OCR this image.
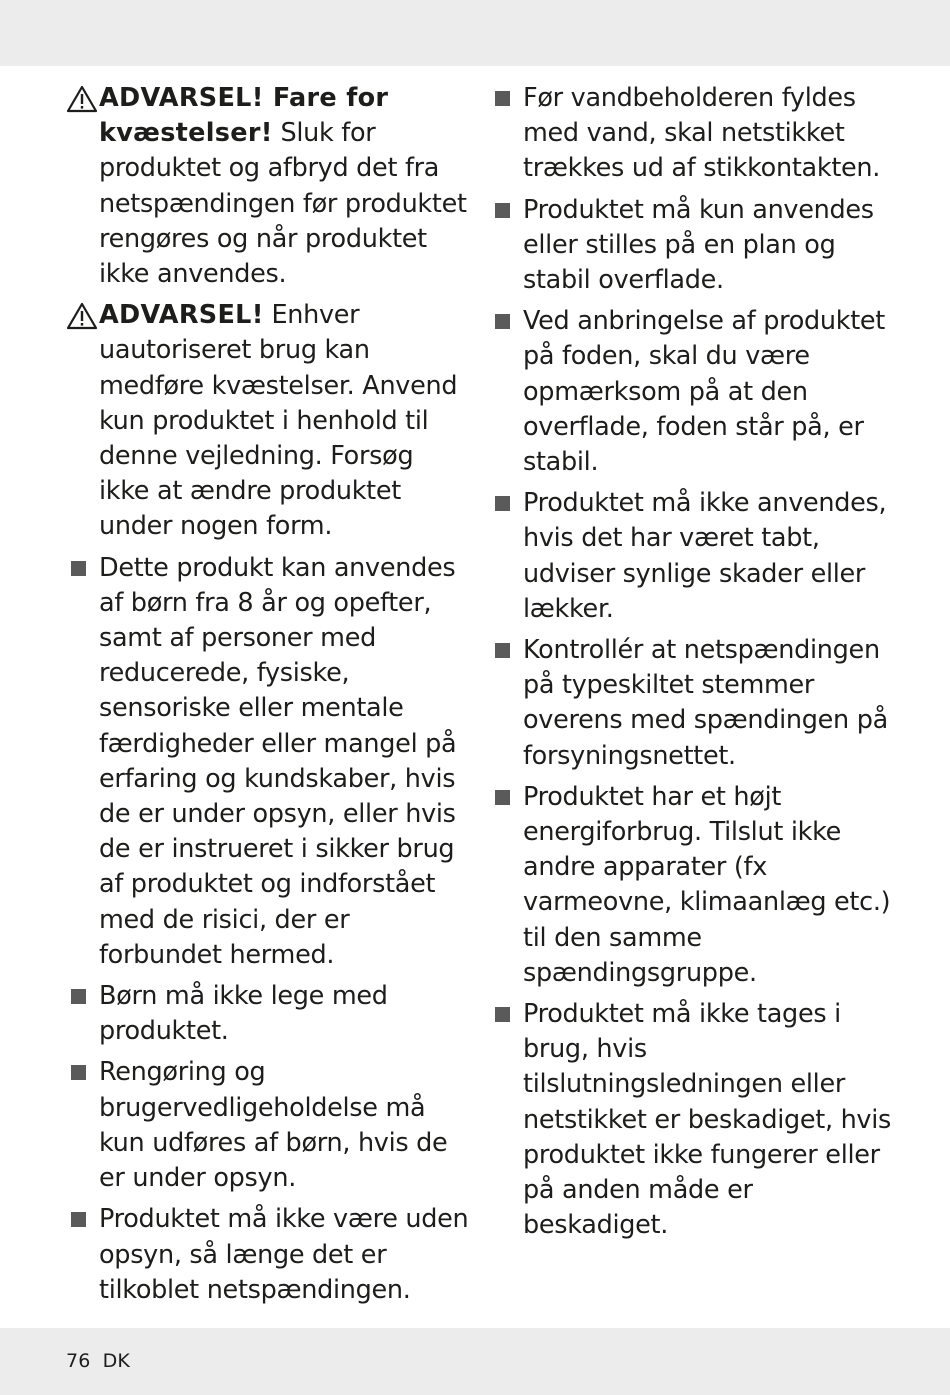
ADVARSEL! Fare for kvæstelser! Sluk for produktet og afbryd det fra netspændingen før produktet rengøres og når produktet ikke anvendes.
ADVARSEL! Enhver uautoriseret brug kan medføre kvæstelser. Anvend kun produktet i henhold til denne vejledning. Forsøg ikke at ændre produktet under nogen form.
Dette produkt kan anvendes af børn fra 8 år og opefter, samt af personer med reducerede, fysiske, sensoriske eller mentale færdigheder eller mangel på erfaring og kundskaber, hvis de er under opsyn, eller hvis de er instrueret i sikker brug af produktet og indforstået med de risici, der er forbundet hermed.
Børn må ikke lege med produktet.
Rengøring og brugervedligeholdelse må kun udføres af børn, hvis de er under opsyn.
Produktet må ikke være uden opsyn, så længe det er tilkoblet netspændingen.
Før vandbeholderen fyldes med vand, skal netstikket trækkes ud af stikkontakten.
Produktet må kun anvendes eller stilles på en plan og stabil overflade.
Ved anbringelse af produktet på foden, skal du være opmærksom på at den overflade, foden står på, er stabil.
Produktet må ikke anvendes, hvis det har været tabt, udviser synlige skader eller lækker.
Kontrollér at netspændingen på typeskiltet stemmer overens med spændingen på forsyningsnettet.
Produktet har et højt energiforbrug. Tilslut ikke andre apparater (fx varmeovne, klimaanlæg etc.) til den samme spændingsgruppe.
Produktet må ikke tages i brug, hvis tilslutningsledningen eller netstikket er beskadiget, hvis produktet ikke fungerer eller på anden måde er beskadiget.
76 DK
